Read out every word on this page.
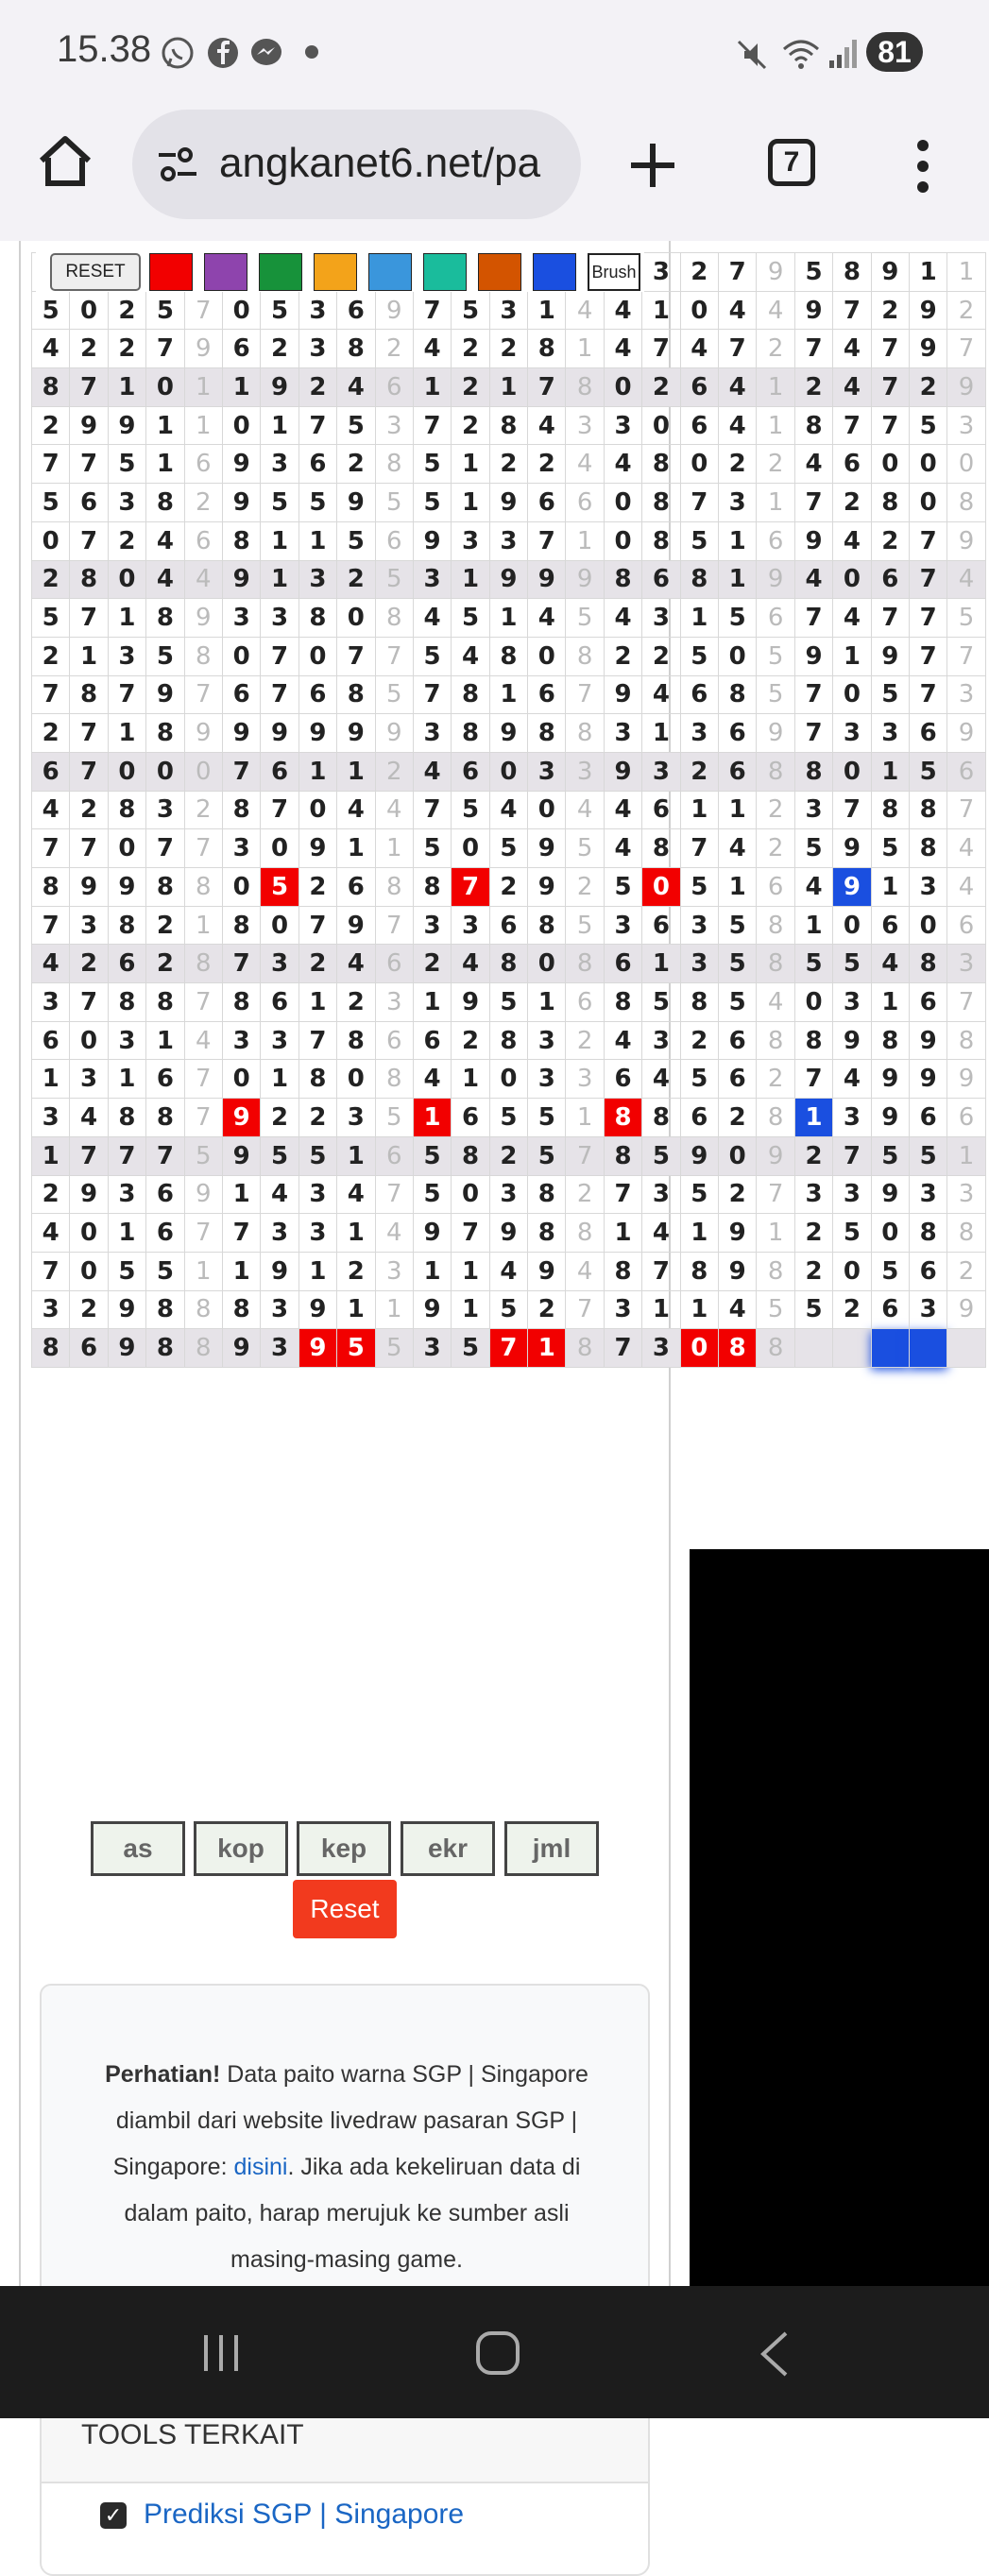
15.38	81
angkanet6.net/pa	7
																3	2	7	9	5	8	9	1	1
5	0	2	5	7	0	5	3	6	9	7	5	3	1	4	4	1	0	4	4	9	7	2	9	2
4	2	2	7	9	6	2	3	8	2	4	2	2	8	1	4	7	4	7	2	7	4	7	9	7
8	7	1	0	1	1	9	2	4	6	1	2	1	7	8	0	2	6	4	1	2	4	7	2	9
2	9	9	1	1	0	1	7	5	3	7	2	8	4	3	3	0	6	4	1	8	7	7	5	3
7	7	5	1	6	9	3	6	2	8	5	1	2	2	4	4	8	0	2	2	4	6	0	0	0
5	6	3	8	2	9	5	5	9	5	5	1	9	6	6	0	8	7	3	1	7	2	8	0	8
0	7	2	4	6	8	1	1	5	6	9	3	3	7	1	0	8	5	1	6	9	4	2	7	9
2	8	0	4	4	9	1	3	2	5	3	1	9	9	9	8	6	8	1	9	4	0	6	7	4
5	7	1	8	9	3	3	8	0	8	4	5	1	4	5	4	3	1	5	6	7	4	7	7	5
2	1	3	5	8	0	7	0	7	7	5	4	8	0	8	2	2	5	0	5	9	1	9	7	7
7	8	7	9	7	6	7	6	8	5	7	8	1	6	7	9	4	6	8	5	7	0	5	7	3
2	7	1	8	9	9	9	9	9	9	3	8	9	8	8	3	1	3	6	9	7	3	3	6	9
6	7	0	0	0	7	6	1	1	2	4	6	0	3	3	9	3	2	6	8	8	0	1	5	6
4	2	8	3	2	8	7	0	4	4	7	5	4	0	4	4	6	1	1	2	3	7	8	8	7
7	7	0	7	7	3	0	9	1	1	5	0	5	9	5	4	8	7	4	2	5	9	5	8	4
8	9	9	8	8	0	5	2	6	8	8	7	2	9	2	5	0	5	1	6	4	9	1	3	4
7	3	8	2	1	8	0	7	9	7	3	3	6	8	5	3	6	3	5	8	1	0	6	0	6
4	2	6	2	8	7	3	2	4	6	2	4	8	0	8	6	1	3	5	8	5	5	4	8	3
3	7	8	8	7	8	6	1	2	3	1	9	5	1	6	8	5	8	5	4	0	3	1	6	7
6	0	3	1	4	3	3	7	8	6	6	2	8	3	2	4	3	2	6	8	8	9	8	9	8
1	3	1	6	7	0	1	8	0	8	4	1	0	3	3	6	4	5	6	2	7	4	9	9	9
3	4	8	8	7	9	2	2	3	5	1	6	5	5	1	8	8	6	2	8	1	3	9	6	6
1	7	7	7	5	9	5	5	1	6	5	8	2	5	7	8	5	9	0	9	2	7	5	5	1
2	9	3	6	9	1	4	3	4	7	5	0	3	8	2	7	3	5	2	7	3	3	9	3	3
4	0	1	6	7	7	3	3	1	4	9	7	9	8	8	1	4	1	9	1	2	5	0	8	8
7	0	5	5	1	1	9	1	2	3	1	1	4	9	4	8	7	8	9	8	2	0	5	6	2
3	2	9	8	8	8	3	9	1	1	9	1	5	2	7	3	1	1	4	5	5	2	6	3	9
8	6	9	8	8	9	3	9	5	5	3	5	7	1	8	7	3	0	8	8					
RESET	Brush
as	kop	kep	ekr	jml
Reset

Perhatian! Data paito warna SGP | Singapore diambil dari website livedraw pasaran SGP | Singapore: disini. Jika ada kekeliruan data di dalam paito, harap merujuk ke sumber asli masing-masing game.

TOOLS TERKAIT
✓ Prediksi SGP | Singapore
